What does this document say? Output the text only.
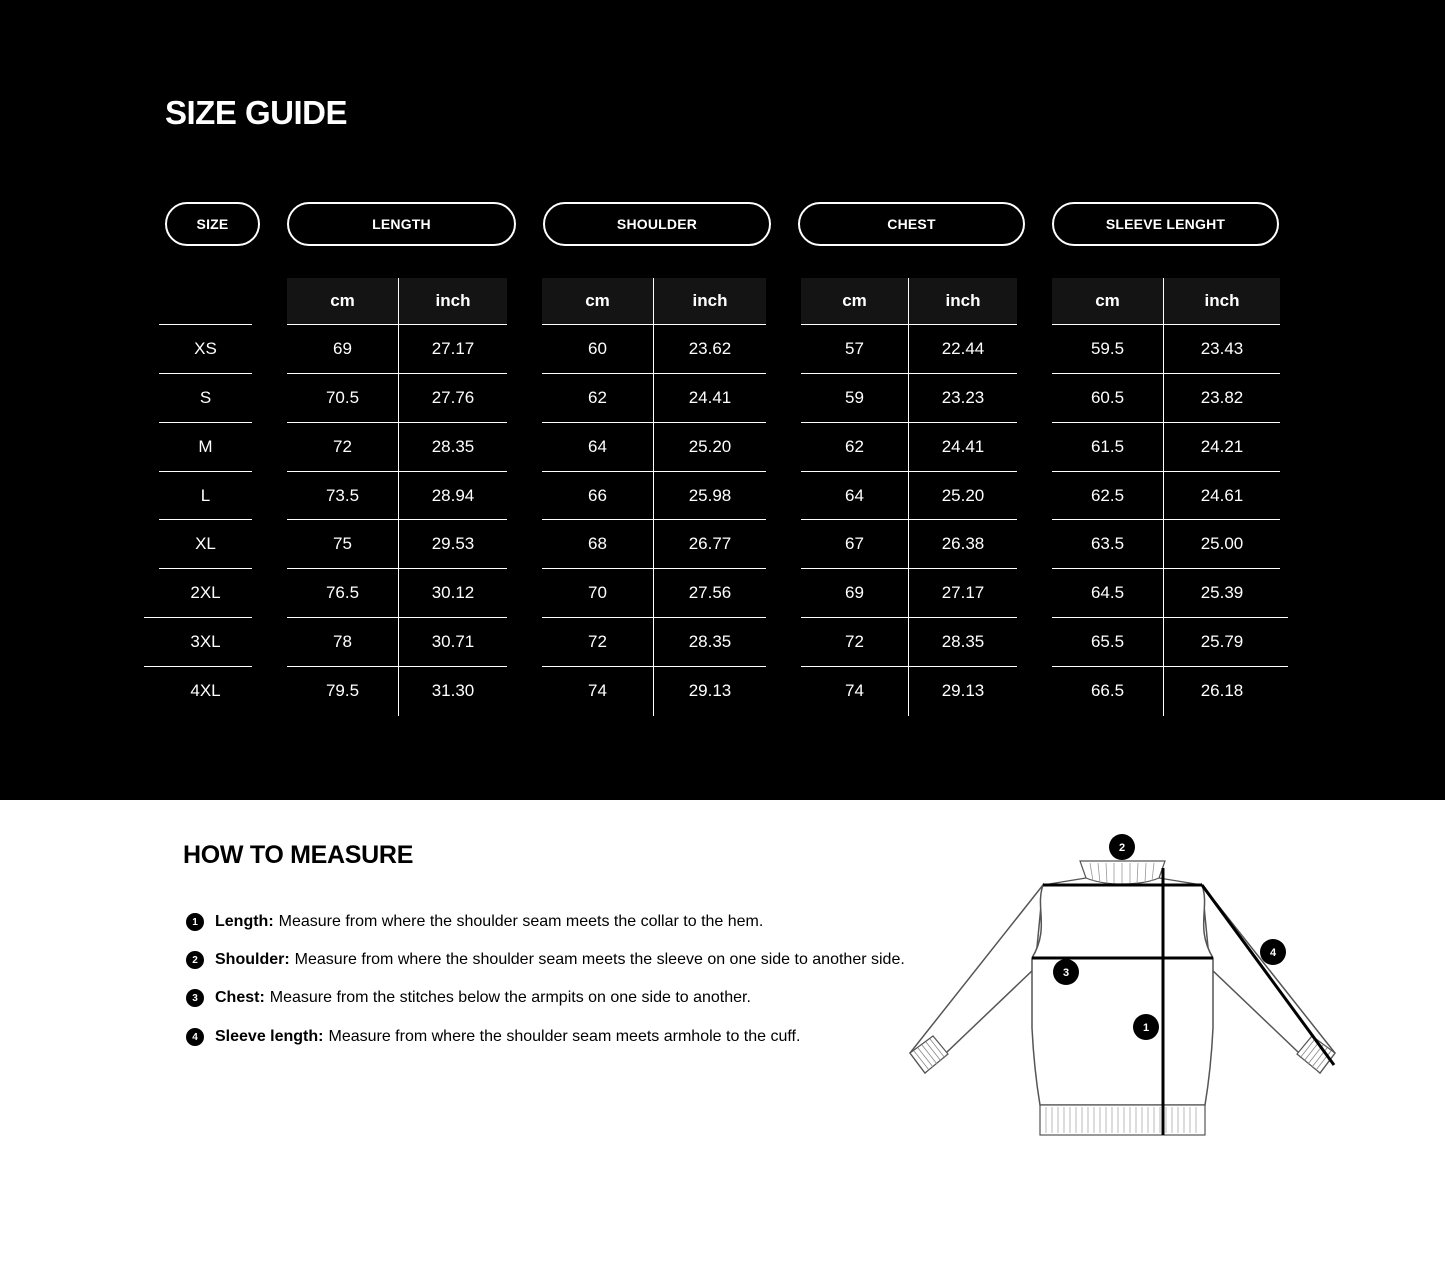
SIZE GUIDE
SIZE	LENGTH	SHOULDER	CHEST	SLEEVE LENGHT
cm	inch	cm	inch	cm	inch	cm	inch
XS	69	27.17	60	23.62	57	22.44	59.5	23.43
S	70.5	27.76	62	24.41	59	23.23	60.5	23.82
M	72	28.35	64	25.20	62	24.41	61.5	24.21
L	73.5	28.94	66	25.98	64	25.20	62.5	24.61
XL	75	29.53	68	26.77	67	26.38	63.5	25.00
2XL	76.5	30.12	70	27.56	69	27.17	64.5	25.39
3XL	78	30.71	72	28.35	72	28.35	65.5	25.79
4XL	79.5	31.30	74	29.13	74	29.13	66.5	26.18
HOW TO MEASURE
1	Length: Measure from where the shoulder seam meets the collar to the hem.
2	Shoulder: Measure from where the shoulder seam meets the sleeve on one side to another side.
3	Chest: Measure from the stitches below the armpits on one side to another.
4	Sleeve length: Measure from where the shoulder seam meets armhole to the cuff.
2
3
1
4
